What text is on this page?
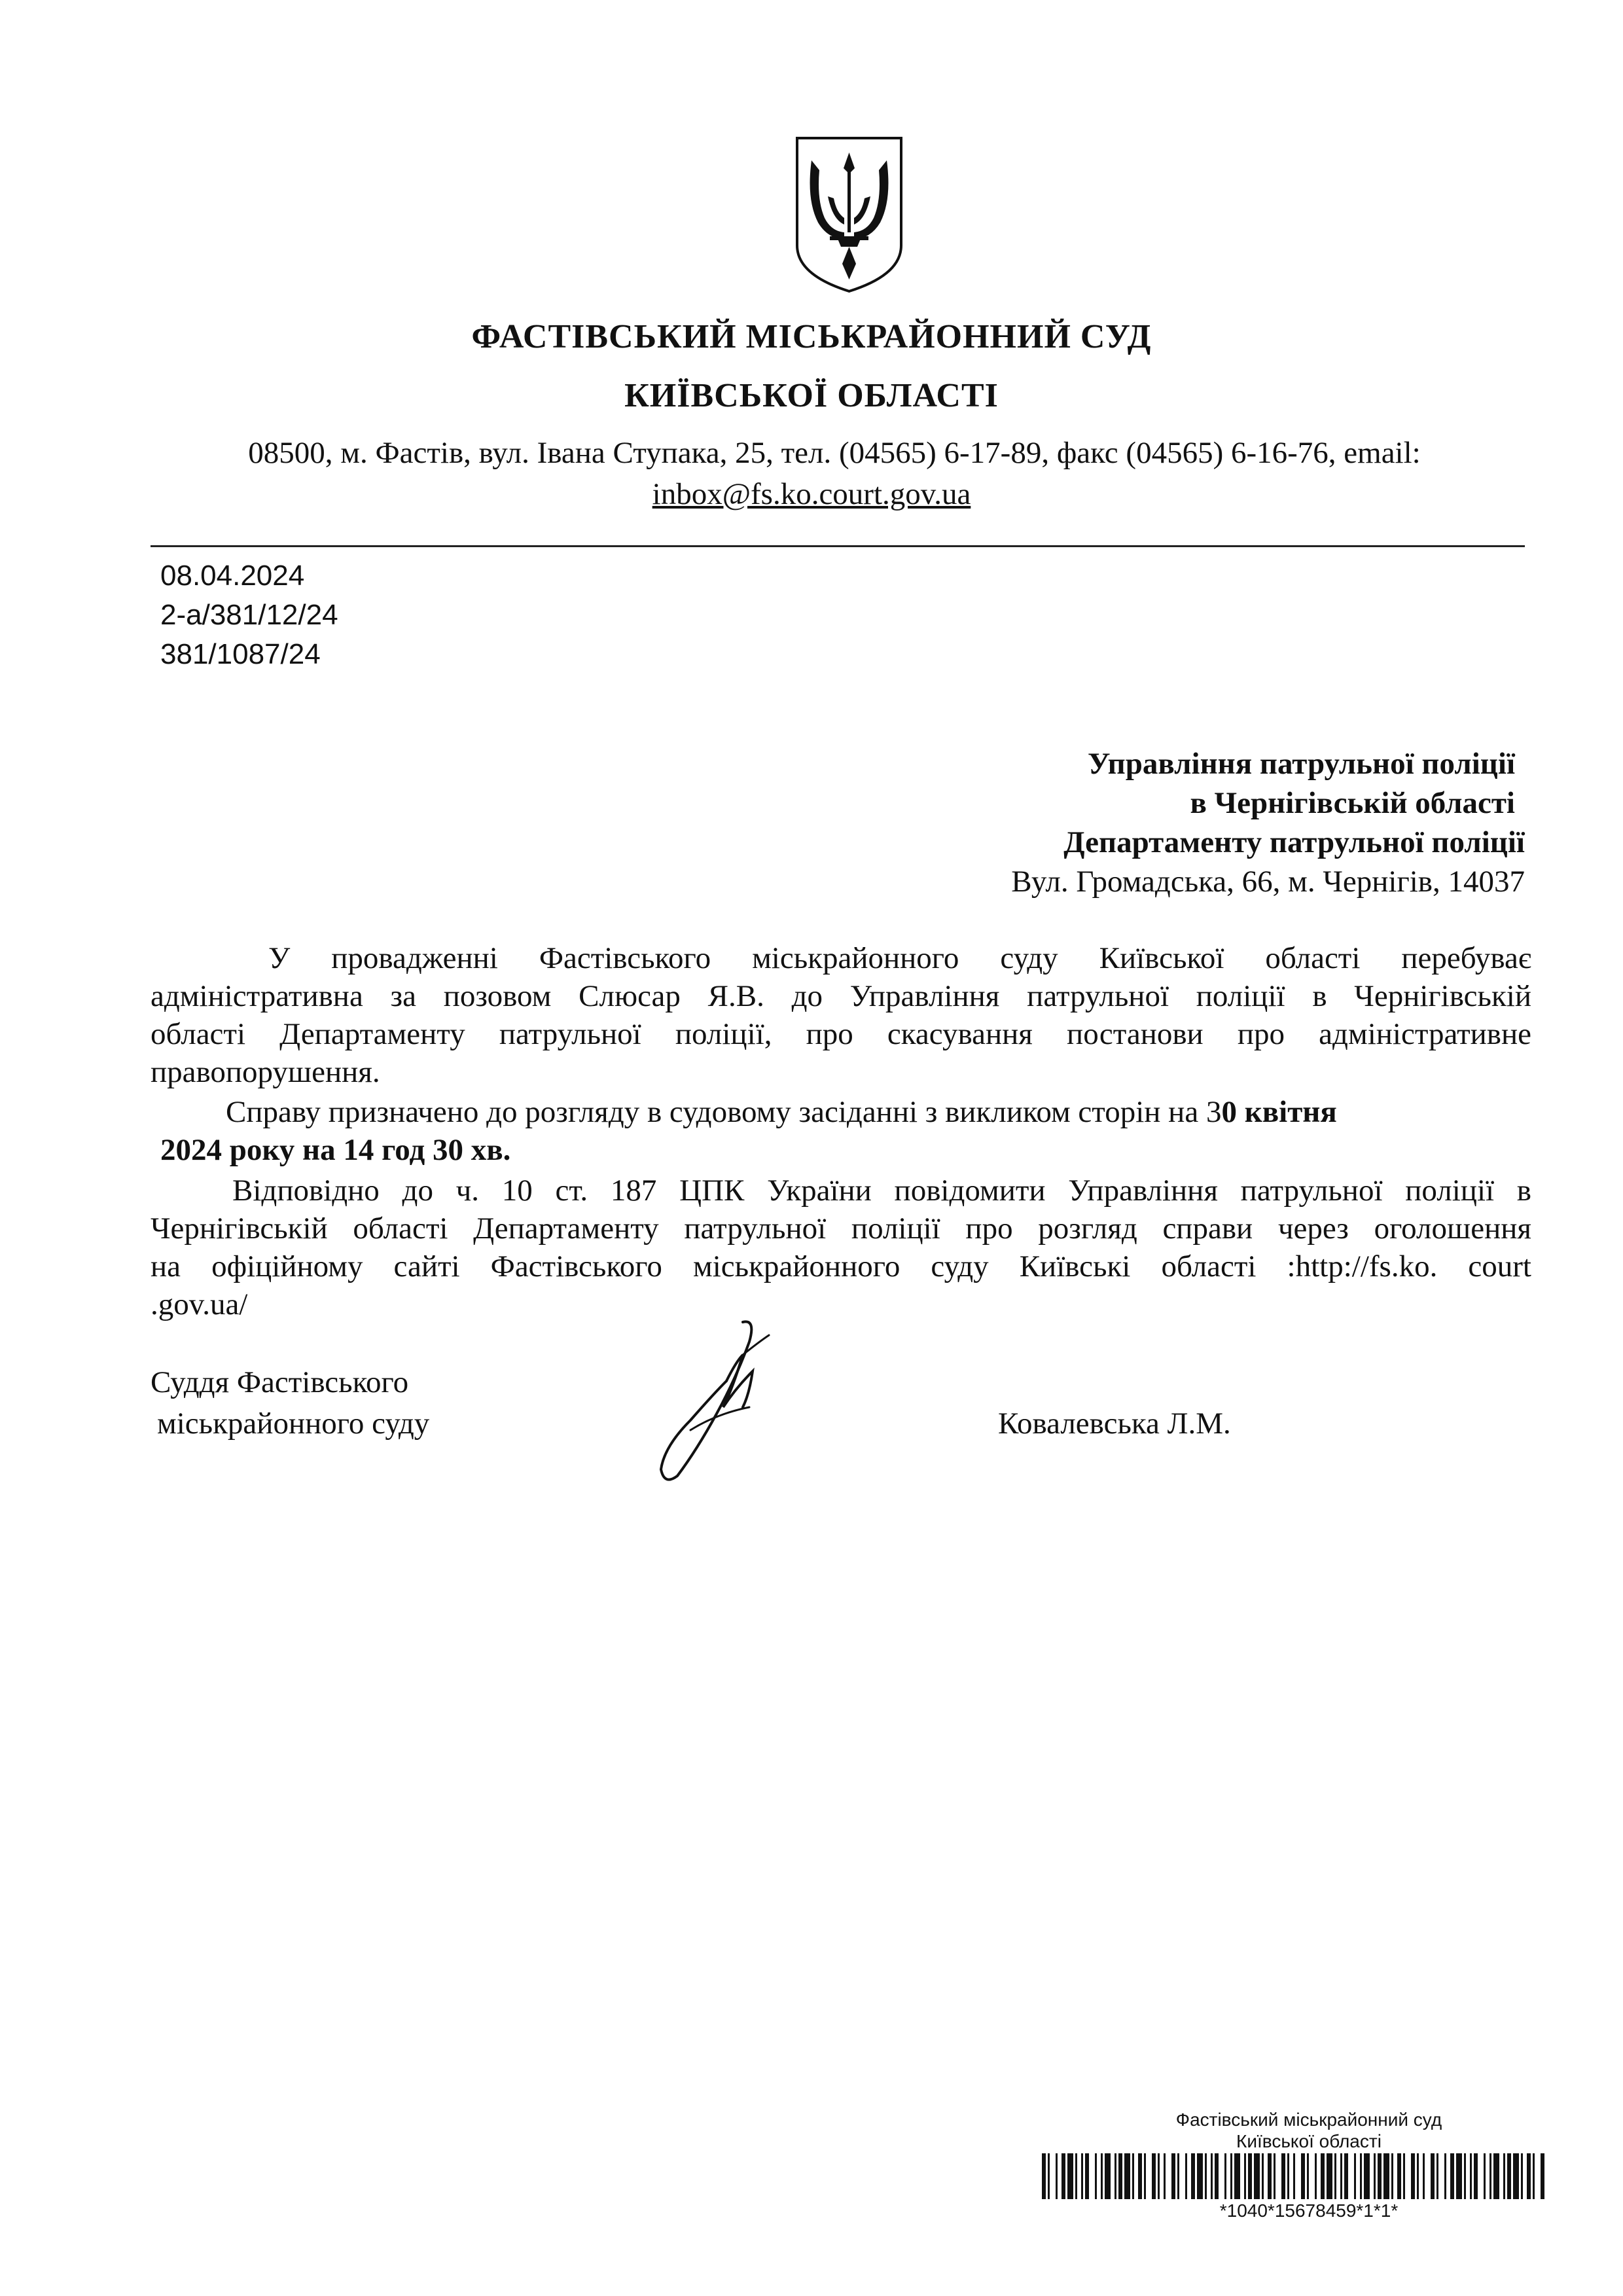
ФАСТІВСЬКИЙ МІСЬКРАЙОННИЙ СУД
КИЇВСЬКОЇ ОБЛАСТІ
08500, м. Фастів, вул. Івана Ступака, 25, тел. (04565) 6-17-89, факс (04565) 6-16-76, email:
inbox@fs.ko.court.gov.ua
08.04.2024
2-а/381/12/24
381/1087/24
Управління патрульної поліції
в Чернігівській області
Департаменту патрульної поліції
Вул. Громадська, 66, м. Чернігів, 14037
У провадженні Фастівського міськрайонного суду Київської області перебуває
адміністративна за позовом Слюсар Я.В. до Управління патрульної поліції в Чернігівській
області Департаменту патрульної поліції, про скасування постанови про адміністративне
правопорушення.
Справу призначено до розгляду в судовому засіданні з викликом сторін на 30 квітня
2024 року на 14 год 30 хв.
Відповідно до ч. 10 ст. 187 ЦПК України повідомити Управління патрульної поліції в
Чернігівській області Департаменту патрульної поліції про розгляд справи через оголошення
на офіційному сайті Фастівського міськрайонного суду Київські області :http://fs.ko. court
.gov.ua/
Суддя Фастівського
міськрайонного суду	Ковалевська Л.М.
Фастівський міськрайонний суд
Київської області
*1040*15678459*1*1*
